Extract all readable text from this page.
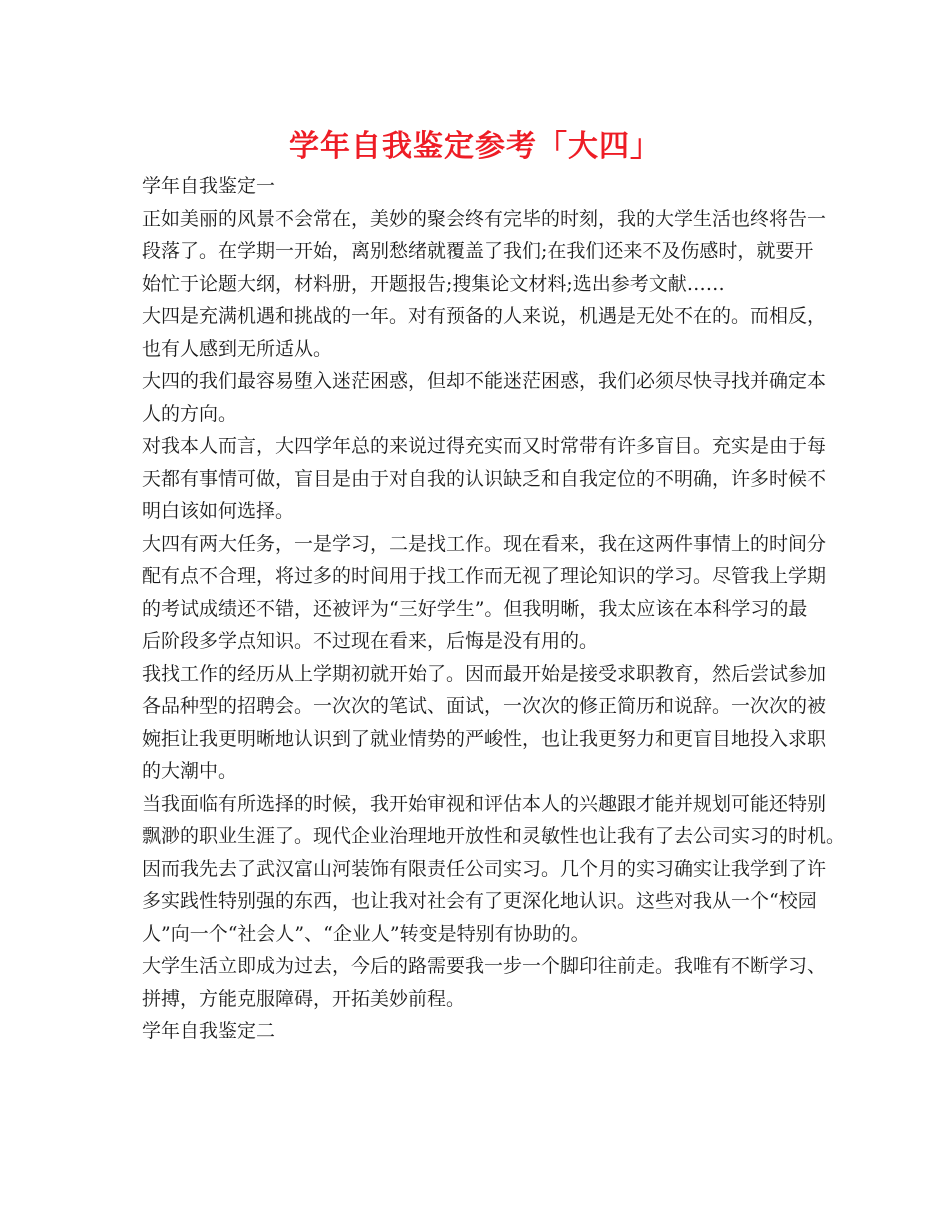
学年自我鉴定参考「大四」
学年自我鉴定一
正如美丽的风景不会常在，美妙的聚会终有完毕的时刻，我的大学生活也终将告一
段落了。在学期一开始，离别愁绪就覆盖了我们;在我们还来不及伤感时，就要开
始忙于论题大纲，材料册，开题报告;搜集论文材料;选出参考文献……
大四是充满机遇和挑战的一年。对有预备的人来说，机遇是无处不在的。而相反，
也有人感到无所适从。
大四的我们最容易堕入迷茫困惑，但却不能迷茫困惑，我们必须尽快寻找并确定本
人的方向。
对我本人而言，大四学年总的来说过得充实而又时常带有许多盲目。充实是由于每
天都有事情可做，盲目是由于对自我的认识缺乏和自我定位的不明确，许多时候不
明白该如何选择。
大四有两大任务，一是学习，二是找工作。现在看来，我在这两件事情上的时间分
配有点不合理，将过多的时间用于找工作而无视了理论知识的学习。尽管我上学期
的考试成绩还不错，还被评为“三好学生”。但我明晰，我太应该在本科学习的最
后阶段多学点知识。不过现在看来，后悔是没有用的。
我找工作的经历从上学期初就开始了。因而最开始是接受求职教育，然后尝试参加
各品种型的招聘会。一次次的笔试、面试，一次次的修正简历和说辞。一次次的被
婉拒让我更明晰地认识到了就业情势的严峻性，也让我更努力和更盲目地投入求职
的大潮中。
当我面临有所选择的时候，我开始审视和评估本人的兴趣跟才能并规划可能还特别
飘渺的职业生涯了。现代企业治理地开放性和灵敏性也让我有了去公司实习的时机。
因而我先去了武汉富山河装饰有限责任公司实习。几个月的实习确实让我学到了许
多实践性特别强的东西，也让我对社会有了更深化地认识。这些对我从一个“校园
人”向一个“社会人”、“企业人”转变是特别有协助的。
大学生活立即成为过去，今后的路需要我一步一个脚印往前走。我唯有不断学习、
拼搏，方能克服障碍，开拓美妙前程。
学年自我鉴定二
